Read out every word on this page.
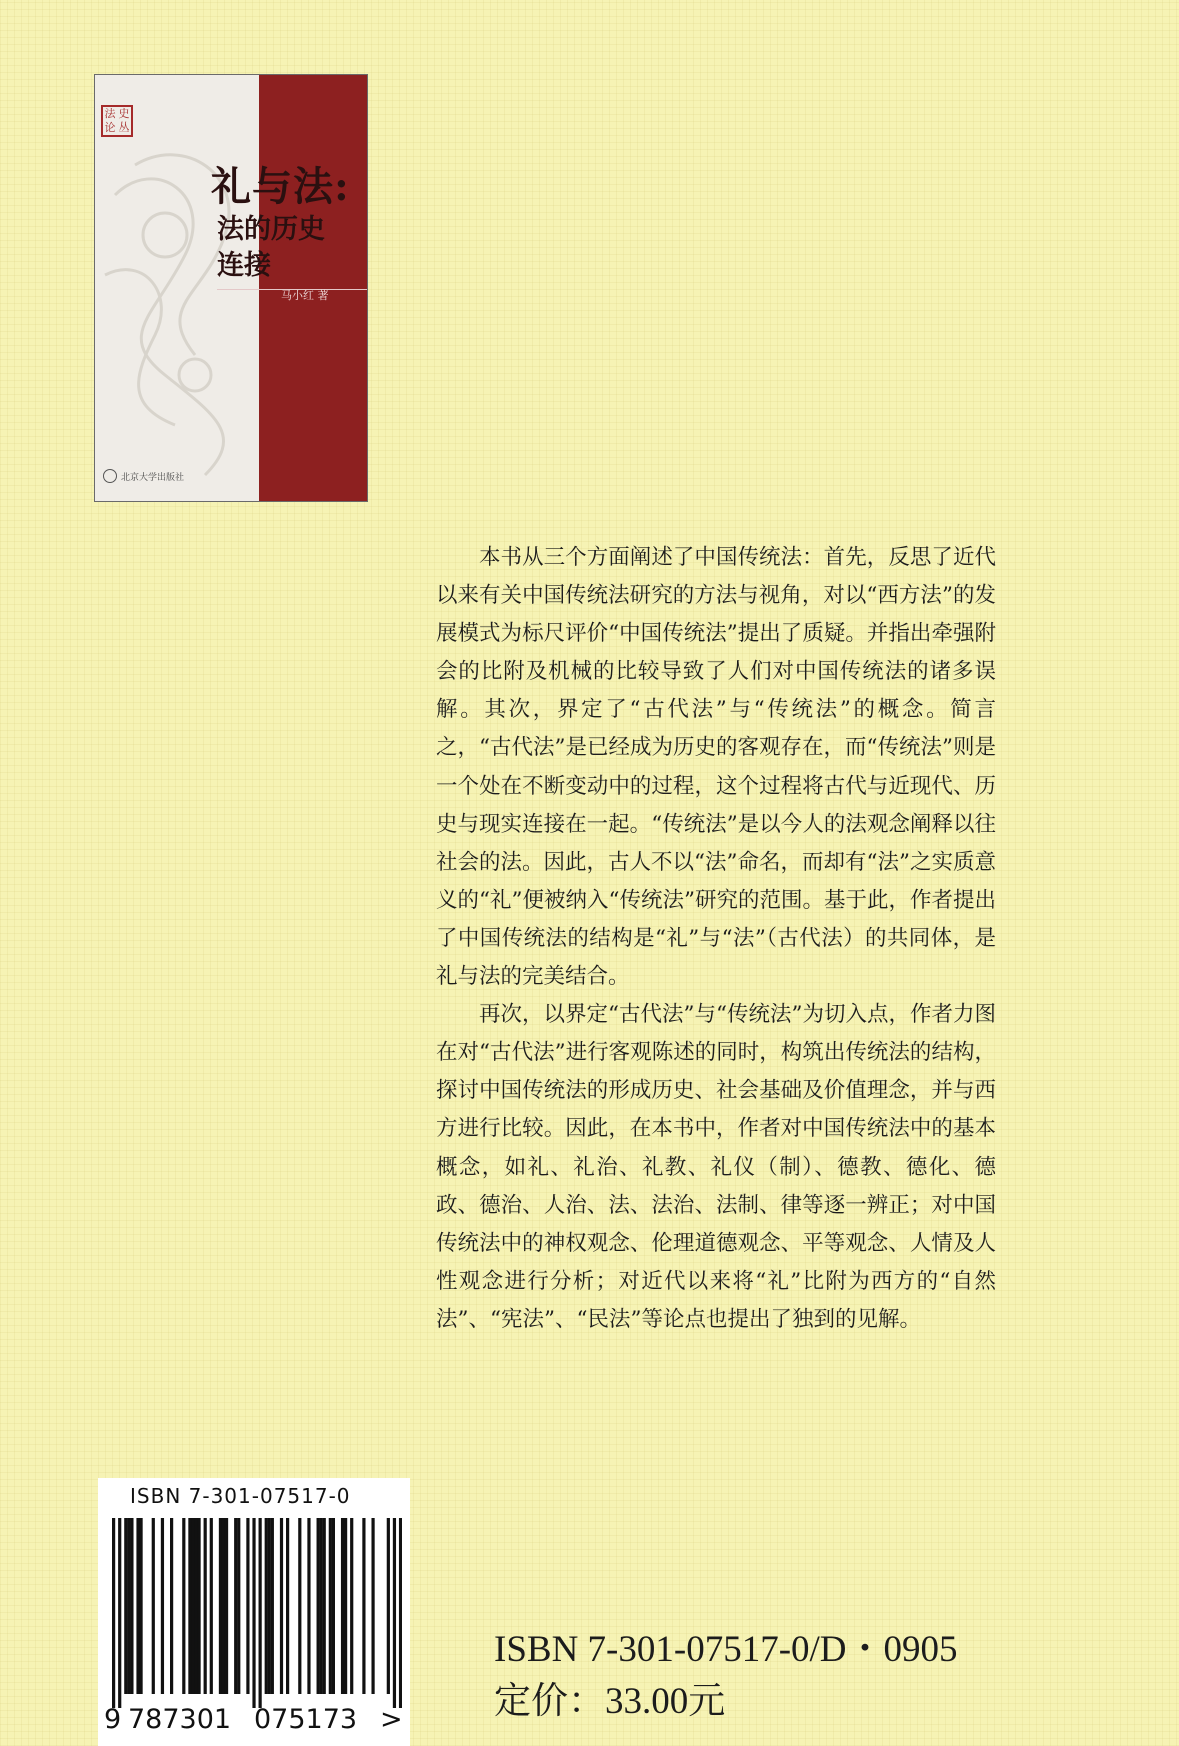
法 史
论 丛
礼与法:
法的历史
连接
马小红 著
北京大学出版社

本书从三个方面阐述了中国传统法：首先，反思了近代以来有关中国传统法研究的方法与视角，对以“西方法”的发展模式为标尺评价“中国传统法”提出了质疑。并指出牵强附会的比附及机械的比较导致了人们对中国传统法的诸多误解。其次，界定了“古代法”与“传统法”的概念。简言之，“古代法”是已经成为历史的客观存在，而“传统法”则是一个处在不断变动中的过程，这个过程将古代与近现代、历史与现实连接在一起。“传统法”是以今人的法观念阐释以往社会的法。因此，古人不以“法”命名，而却有“法”之实质意义的“礼”便被纳入“传统法”研究的范围。基于此，作者提出了中国传统法的结构是“礼”与“法”（古代法）的共同体，是礼与法的完美结合。

再次，以界定“古代法”与“传统法”为切入点，作者力图在对“古代法”进行客观陈述的同时，构筑出传统法的结构，探讨中国传统法的形成历史、社会基础及价值理念，并与西方进行比较。因此，在本书中，作者对中国传统法中的基本概念，如礼、礼治、礼教、礼仪（制）、德教、德化、德政、德治、人治、法、法治、法制、律等逐一辨正；对中国传统法中的神权观念、伦理道德观念、平等观念、人情及人性观念进行分析；对近代以来将“礼”比附为西方的“自然法”、“宪法”、“民法”等论点也提出了独到的见解。

ISBN 7-301-07517-0
9 787301 075173 >
ISBN 7-301-07517-0/D・0905
定价：33.00元
